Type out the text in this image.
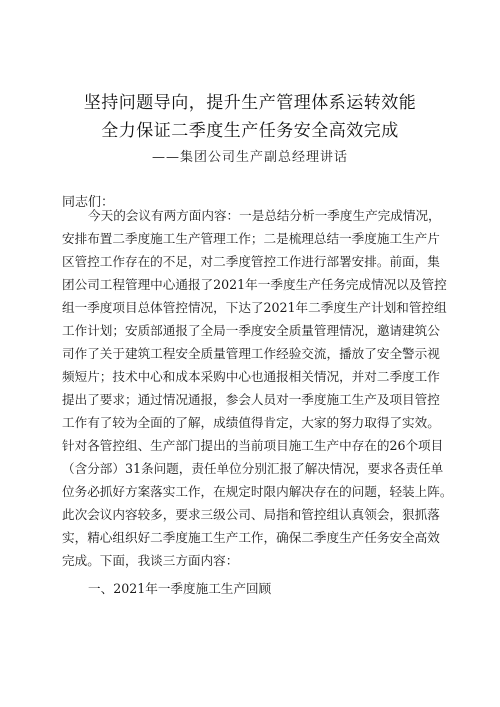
坚持问题导向，提升生产管理体系运转效能
全力保证二季度生产任务安全高效完成
——集团公司生产副总经理讲话
同志们：
今天的会议有两方面内容：一是总结分析一季度生产完成情况，
安排布置二季度施工生产管理工作；二是梳理总结一季度施工生产片
区管控工作存在的不足，对二季度管控工作进行部署安排。前面，集
团公司工程管理中心通报了2021年一季度生产任务完成情况以及管控
组一季度项目总体管控情况，下达了2021年二季度生产计划和管控组
工作计划；安质部通报了全局一季度安全质量管理情况，邀请建筑公
司作了关于建筑工程安全质量管理工作经验交流，播放了安全警示视
频短片；技术中心和成本采购中心也通报相关情况，并对二季度工作
提出了要求；通过情况通报，参会人员对一季度施工生产及项目管控
工作有了较为全面的了解，成绩值得肯定，大家的努力取得了实效。
针对各管控组、生产部门提出的当前项目施工生产中存在的26个项目
（含分部）31条问题，责任单位分别汇报了解决情况，要求各责任单
位务必抓好方案落实工作，在规定时限内解决存在的问题，轻装上阵。
此次会议内容较多，要求三级公司、局指和管控组认真领会，狠抓落
实，精心组织好二季度施工生产工作，确保二季度生产任务安全高效
完成。下面，我谈三方面内容：
一、2021年一季度施工生产回顾
